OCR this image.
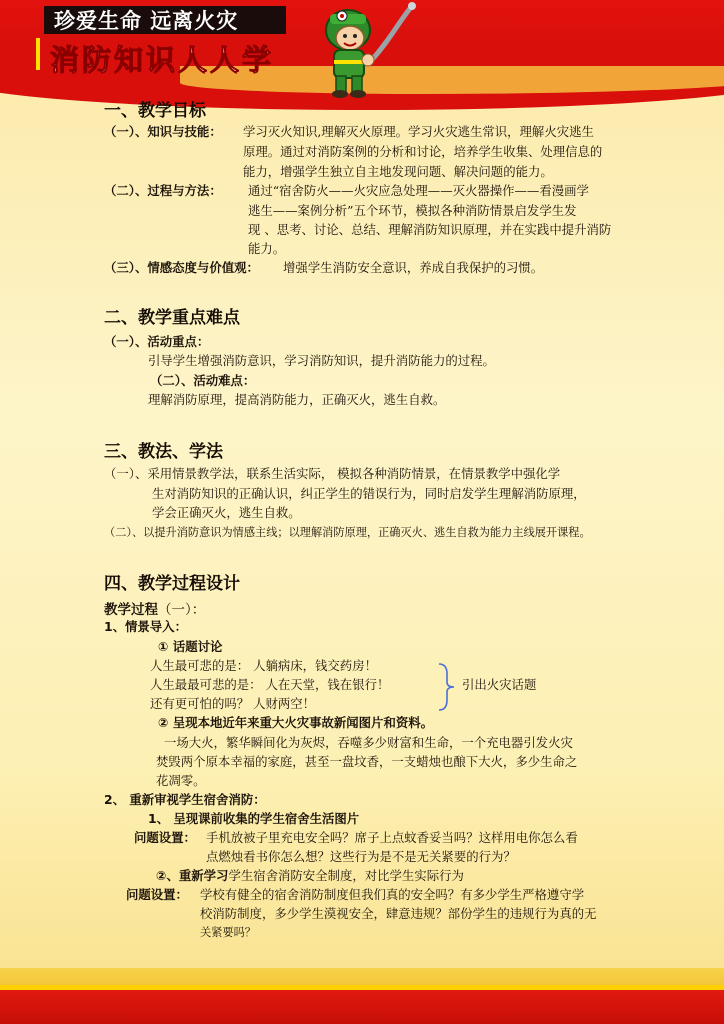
珍爱生命 远离火灾
消防知识人人学
一、教学目标
（一）、知识与技能： 学习灭火知识,理解灭火原理。学习火灾逃生常识，理解火灾逃生
原理。通过对消防案例的分析和讨论，培养学生收集、处理信息的
能力，增强学生独立自主地发现问题、解决问题的能力。
（二）、过程与方法： 通过“宿舍防火——火灾应急处理——灭火器操作——看漫画学
逃生——案例分析”五个环节，模拟各种消防情景启发学生发
现 、思考、讨论、总结、理解消防知识原理，并在实践中提升消防
能力。
（三）、情感态度与价值观： 增强学生消防安全意识，养成自我保护的习惯。
二、教学重点难点
（一）、活动重点：
引导学生增强消防意识，学习消防知识，提升消防能力的过程。
（二）、活动难点：
理解消防原理，提高消防能力，正确灭火，逃生自救。
三、教法、学法
（一）、采用情景教学法，联系生活实际， 模拟各种消防情景，在情景教学中强化学
生对消防知识的正确认识，纠正学生的错误行为，同时启发学生理解消防原理，
学会正确灭火，逃生自救。
（二）、以提升消防意识为情感主线；以理解消防原理，正确灭火、逃生自救为能力主线展开课程。
四、教学过程设计
教学过程（一）：
1、情景导入：
① 话题讨论
人生最可悲的是： 人躺病床，钱交药房！
人生最最可悲的是： 人在天堂，钱在银行！
还有更可怕的吗？ 人财两空！
引出火灾话题
② 呈现本地近年来重大火灾事故新闻图片和资料。
一场大火，繁华瞬间化为灰烬，吞噬多少财富和生命，一个充电器引发火灾
焚毁两个原本幸福的家庭，甚至一盘坟香，一支蜡烛也酿下大火，多少生命之
花凋零。
2、 重新审视学生宿舍消防：
1、 呈现课前收集的学生宿舍生活图片
问题设置： 手机放被子里充电安全吗？席子上点蚊香妥当吗？这样用电你怎么看
点燃烛看书你怎么想？这些行为是不是无关紧要的行为？
②、重新学习学生宿舍消防安全制度，对比学生实际行为
问题设置： 学校有健全的宿舍消防制度但我们真的安全吗？有多少学生严格遵守学
校消防制度，多少学生漠视安全，肆意违规？部份学生的违规行为真的无
关紧要吗？
